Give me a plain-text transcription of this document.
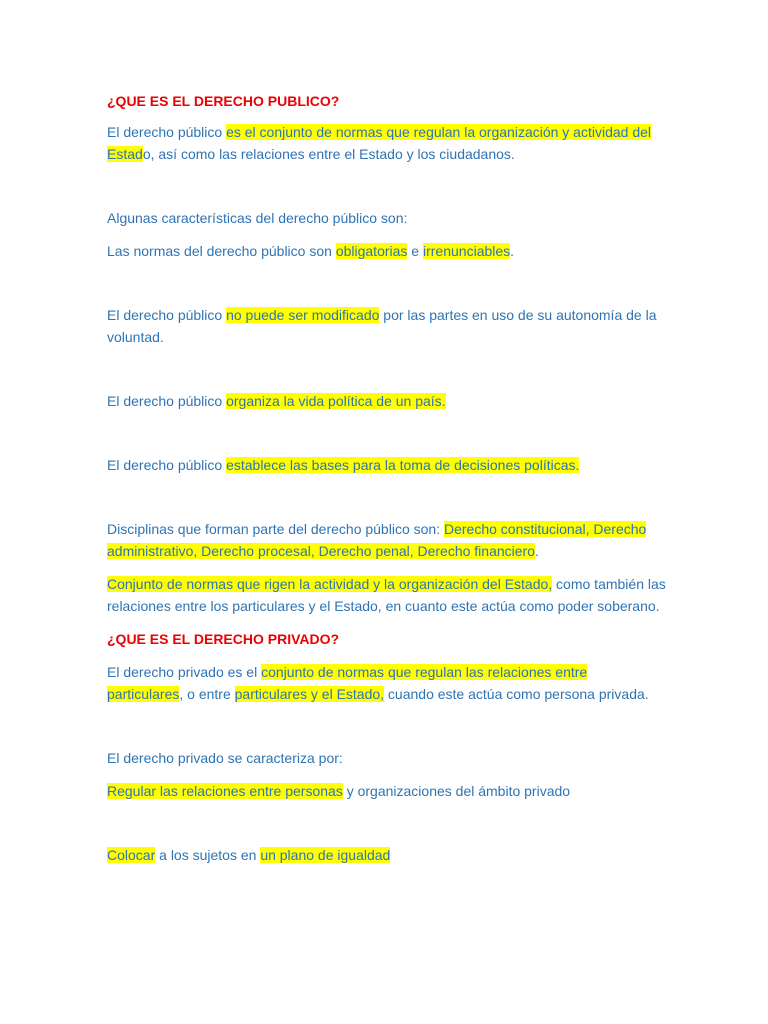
¿QUE ES EL DERECHO PUBLICO?

El derecho público es el conjunto de normas que regulan la organización y actividad del Estado, así como las relaciones entre el Estado y los ciudadanos.

Algunas características del derecho público son:

Las normas del derecho público son obligatorias e irrenunciables.

El derecho público no puede ser modificado por las partes en uso de su autonomía de la voluntad.

El derecho público organiza la vida política de un país.

El derecho público establece las bases para la toma de decisiones políticas.

Disciplinas que forman parte del derecho público son: Derecho constitucional, Derecho administrativo, Derecho procesal, Derecho penal, Derecho financiero.

Conjunto de normas que rigen la actividad y la organización del Estado, como también las relaciones entre los particulares y el Estado, en cuanto este actúa como poder soberano.

¿QUE ES EL DERECHO PRIVADO?

El derecho privado es el conjunto de normas que regulan las relaciones entre particulares, o entre particulares y el Estado, cuando este actúa como persona privada.

El derecho privado se caracteriza por:

Regular las relaciones entre personas y organizaciones del ámbito privado

Colocar a los sujetos en un plano de igualdad
